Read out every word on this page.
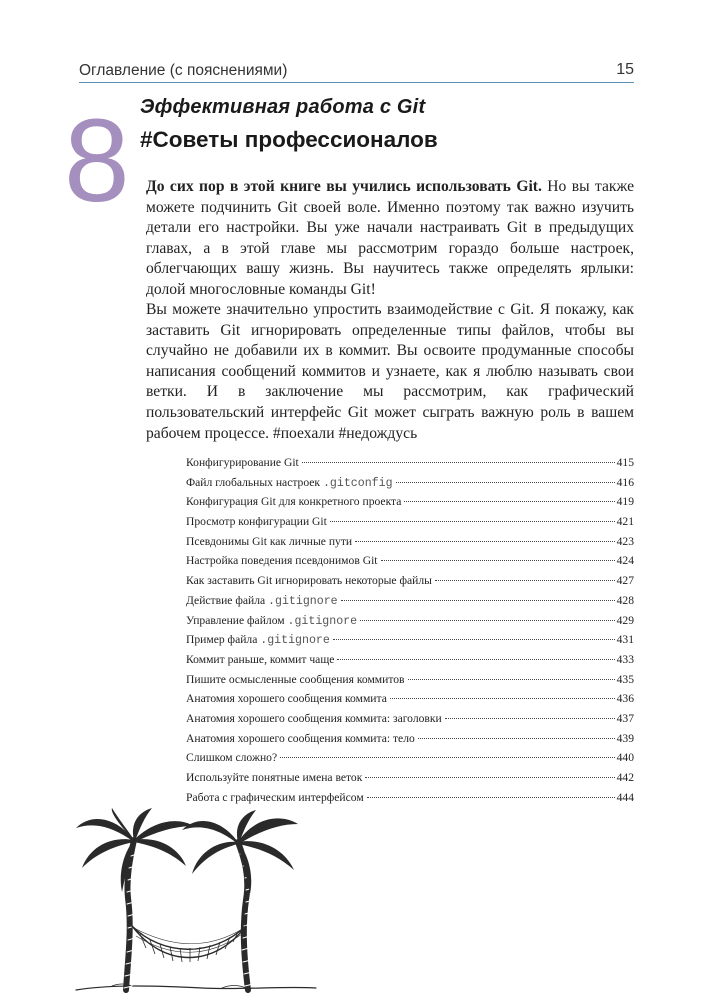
Оглавление (с пояснениями)	15
8 Эффективная работа с Git
#Советы профессионалов

До сих пор в этой книге вы учились использовать Git. Но вы также можете подчинить Git своей воле. Именно поэтому так важно изучить детали его настройки. Вы уже начали настраивать Git в предыдущих главах, а в этой главе мы рассмотрим гораздо больше настроек, облегчающих вашу жизнь. Вы научитесь также определять ярлыки: долой многословные команды Git!

Вы можете значительно упростить взаимодействие с Git. Я покажу, как заставить Git игнорировать определенные типы файлов, чтобы вы случайно не добавили их в коммит. Вы освоите продуманные способы написания сообщений коммитов и узнаете, как я люблю называть свои ветки. И в заключение мы рассмотрим, как графический пользовательский интерфейс Git может сыграть важную роль в вашем рабочем процессе. #поехали #недождусь

Конфигурирование Git	415
Файл глобальных настроек .gitconfig	416
Конфигурация Git для конкретного проекта	419
Просмотр конфигурации Git	421
Псевдонимы Git как личные пути	423
Настройка поведения псевдонимов Git	424
Как заставить Git игнорировать некоторые файлы	427
Действие файла .gitignore	428
Управление файлом .gitignore	429
Пример файла .gitignore	431
Коммит раньше, коммит чаще	433
Пишите осмысленные сообщения коммитов	435
Анатомия хорошего сообщения коммита	436
Анатомия хорошего сообщения коммита: заголовки	437
Анатомия хорошего сообщения коммита: тело	439
Слишком сложно?	440
Используйте понятные имена веток	442
Работа с графическим интерфейсом	444
